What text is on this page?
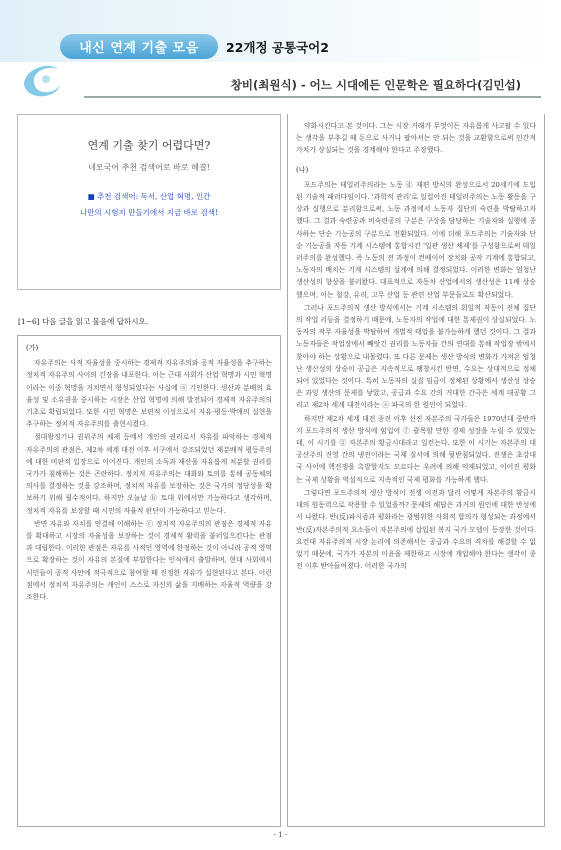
내신 연계 기출 모음	22개정 공통국어2
창비(최원식) - 어느 시대에든 인문학은 필요하다(김민섭)
연계 기출 찾기 어렵다면?
네모국어 추천 검색어로 바로 해결!
■ 추천 검색어: 독서, 산업 혁명, 인간
나만의 시험지 만들기에서 지금 바로 검색!
[1~6] 다음 글을 읽고 물음에 답하시오.
(가)

자유주의는 사적 자율성을 중시하는 경제적 자유주의와 공적 자율성을 추구하는 정치적 자유주의 사이의 긴장을 내포한다. 이는 근대 사회가 산업 혁명과 시민 혁명이라는 이중 혁명을 거치면서 형성되었다는 사실에 ⓐ 기인한다. 생산과 분배의 효율성 및 소유권을 중시하는 시장은 산업 혁명에 의해 발전되어 경제적 자유주의의 기초로 확립되었다. 또한 시민 혁명은 보편적 이성으로서 자유·평등·박애의 실현을 추구하는 정치적 자유주의를 출현시켰다.

절대왕정기나 권위주의 체제 등에서 개인의 권리로서 자유를 파악하는 경제적 자유주의의 관점은, 제2차 세계 대전 이후 서구에서 강조되었던 재분배적 평등주의에 대한 비판적 입장으로 이어진다. 개인의 소득과 재산을 자유롭게 처분할 권리를 국가가 침해하는 것은 곤란하다. 정치적 자유주의는 대화와 토의를 통해 공동체의 의사를 결정하는 것을 강조하며, 정치적 자유를 보장하는 것은 국가의 정당성을 확보하기 위해 필수적이다. 하지만 오늘날 ⓑ 토대 위에서만 가능하다고 생각하며, 정치적 자유를 보장할 때 시민의 자율적 판단이 가능하다고 믿는다.

반면 자유와 자치를 연결해 이해하는 ⓒ 정치적 자유주의의 관점은 경제적 자유를 확대하고 시장의 자율성을 보장하는 것이 경제적 활력을 불러일으킨다는 관점과 대립한다. 이러한 관점은 자유를 사적인 영역에 한정하는 것이 아니라 공적 영역으로 확장하는 것이 자유의 본질에 부합한다는 인식에서 출발하며, 현대 사회에서 시민들이 공적 사안에 적극적으로 참여할 때 진정한 자유가 실현된다고 본다. 이런 점에서 정치적 자유주의는 개인이 스스로 자신의 삶을 지배하는 자율적 역량을 강조한다.

약화시킨다고 본 것이다. 그는 시장 거래가 무엇이든 자유롭게 사고팔 수 있다는 생각을 부추길 때 돈으로 사거나 팔아서는 안 되는 것을 교환함으로써 인간적 가치가 상실되는 것을 경계해야 한다고 주장했다.

(나)

포드주의는 테일러주의라는 노동 ⓓ 재편 방식의 완성으로서 20세기에 도입된 기술적 패러다임이다. '과학적 관리'로 일컬어진 테일러주의는 노동 활동을 구상과 실행으로 분리함으로써, 노동 과정에서 노동자 집단의 숙련을 박탈하고자 했다. 그 결과 숙련공과 비숙련공의 구분은 구상을 담당하는 기술자와 실행에 종사하는 단순 기능공의 구분으로 전환되었다. 이에 더해 포드주의는 기술자와 단순 기능공을 자동 기계 시스템에 통합시킨 '일관 생산 체제'를 구성함으로써 테일러주의를 완성했다. 즉 노동의 전 과정이 컨베이어 장치와 공작 기계에 통합되고, 노동자의 배치는 기계 시스템의 설계에 의해 결정되었다. 이러한 변화는 엄청난 생산성의 향상을 불러왔다. 대표적으로 자동차 산업에서의 생산성은 11배 상승했으며, 이는 철강, 유리, 고무 산업 등 관련 산업 부문들로도 확산되었다.

그러나 포드주의적 생산 방식에서는 기계 시스템의 회일적 작동이 전체 집단의 작업 리듬을 결정하기 때문에, 노동자의 작업에 대한 통제권이 상실되었다. 노동자의 작무 자율성을 박탈하여 개별적 태업을 불가능하게 했던 것이다. 그 결과 노동자들은 작업장에서 빼앗긴 권리를 노동자들 간의 연대를 통해 작업장 밖에서 찾아야 하는 상황으로 내몰렸다. 또 다른 문제는 생산 방식의 변화가 가져온 엄청난 생산성의 상승이 공급은 지속적으로 팽창시킨 반면, 수요는 상대적으로 정체되어 있었다는 것이다. 특히 노동자의 실질 임금이 정체된 상황에서 생산성 상승은 과잉 생산의 문제를 낳았고, 공급과 수요 간의 거대한 간극은 세계 대공황 그리고 제2차 세계 대전이라는 ⓔ 파국의 한 원인이 되었다.

하지만 제2차 세계 대전 종전 이후 선진 자본주의 국가들은 1970년대 중반까지 포드주의적 생산 방식에 힘입어 ⓕ 괄목할 만한 경제 성장을 누릴 수 있었는데, 이 시기를 ⓖ 자본주의 황금시대라고 일컫는다. 또한 이 시기는 자본주의 대 공산주의 진영 간의 냉전이라는 국제 질서에 의해 뒷받침되었다. 전쟁은 초강대국 사이에 핵전쟁을 촉발할지도 모르다는 우려에 의해 억제되었고, 이어진 평화는 국제 상황을 역설적으로 지속적인 국제 평화를 가능하게 했다.

그렇다면 포드주의적 생산 방식이 전쟁 이전과 달리 어떻게 자본주의 황금시대의 원동력으로 작용할 수 있었을까? 문제의 해답은 과거의 원인에 대한 반성에서 나왔다. 반(反)파시즘과 평화라는 광범위한 사회적 합의가 형성되는 과정에서 반(反)자본주의적 요소들이 자본주의에 삽입된 복지 국가 모델이 등장한 것이다. 요컨대 자유주의적 시장 논리에 의존해서는 공급과 수요의 격차를 해결할 수 없었기 때문에, 국가가 자본의 이윤을 제한하고 시장에 개입해야 한다는 생각이 종전 이후 받아들여졌다. 이러한 국가의

- 1 -
